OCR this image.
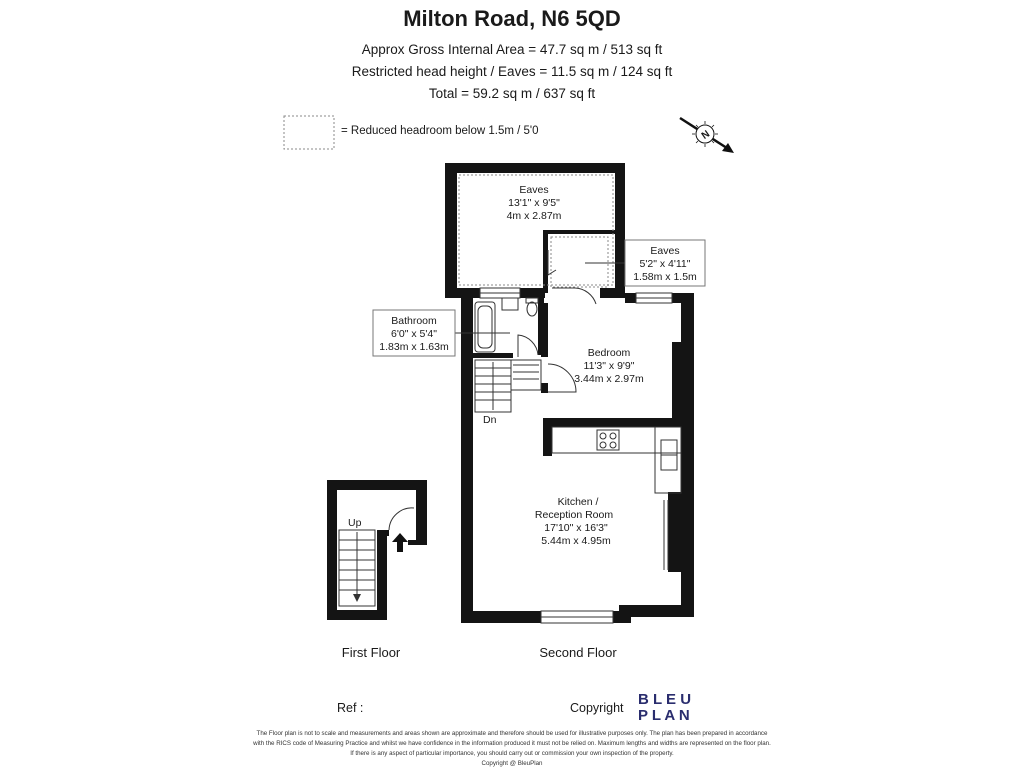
Milton Road, N6 5QD
Approx Gross Internal Area = 47.7 sq m / 513 sq ft
Restricted head height / Eaves = 11.5 sq m / 124 sq ft
Total = 59.2 sq m / 637 sq ft
= Reduced headroom below 1.5m / 5'0	N
Dn
Eaves
13'1" x 9'5"
4m x 2.87m
Eaves
5'2" x 4'11"
1.58m x 1.5m
Bathroom
6'0" x 5'4"
1.83m x 1.63m	Bedroom
11'3" x 9'9"
3.44m x 2.97m
Kitchen /
Reception Room
17'10" x 16'3"
5.44m x 4.95m
Up
First Floor	Second Floor
Ref :	Copyright B L E U
P L A N
The Floor plan is not to scale and measurements and areas shown are approximate and therefore should be used for illustrative purposes only. The plan has been prepared in accordance
with the RICS code of Measuring Practice and whilst we have confidence in the information produced it must not be relied on. Maximum lengths and widths are represented on the floor plan.
If there is any aspect of particular importance, you should carry out or commission your own inspection of the property.
Copyright @ BleuPlan
